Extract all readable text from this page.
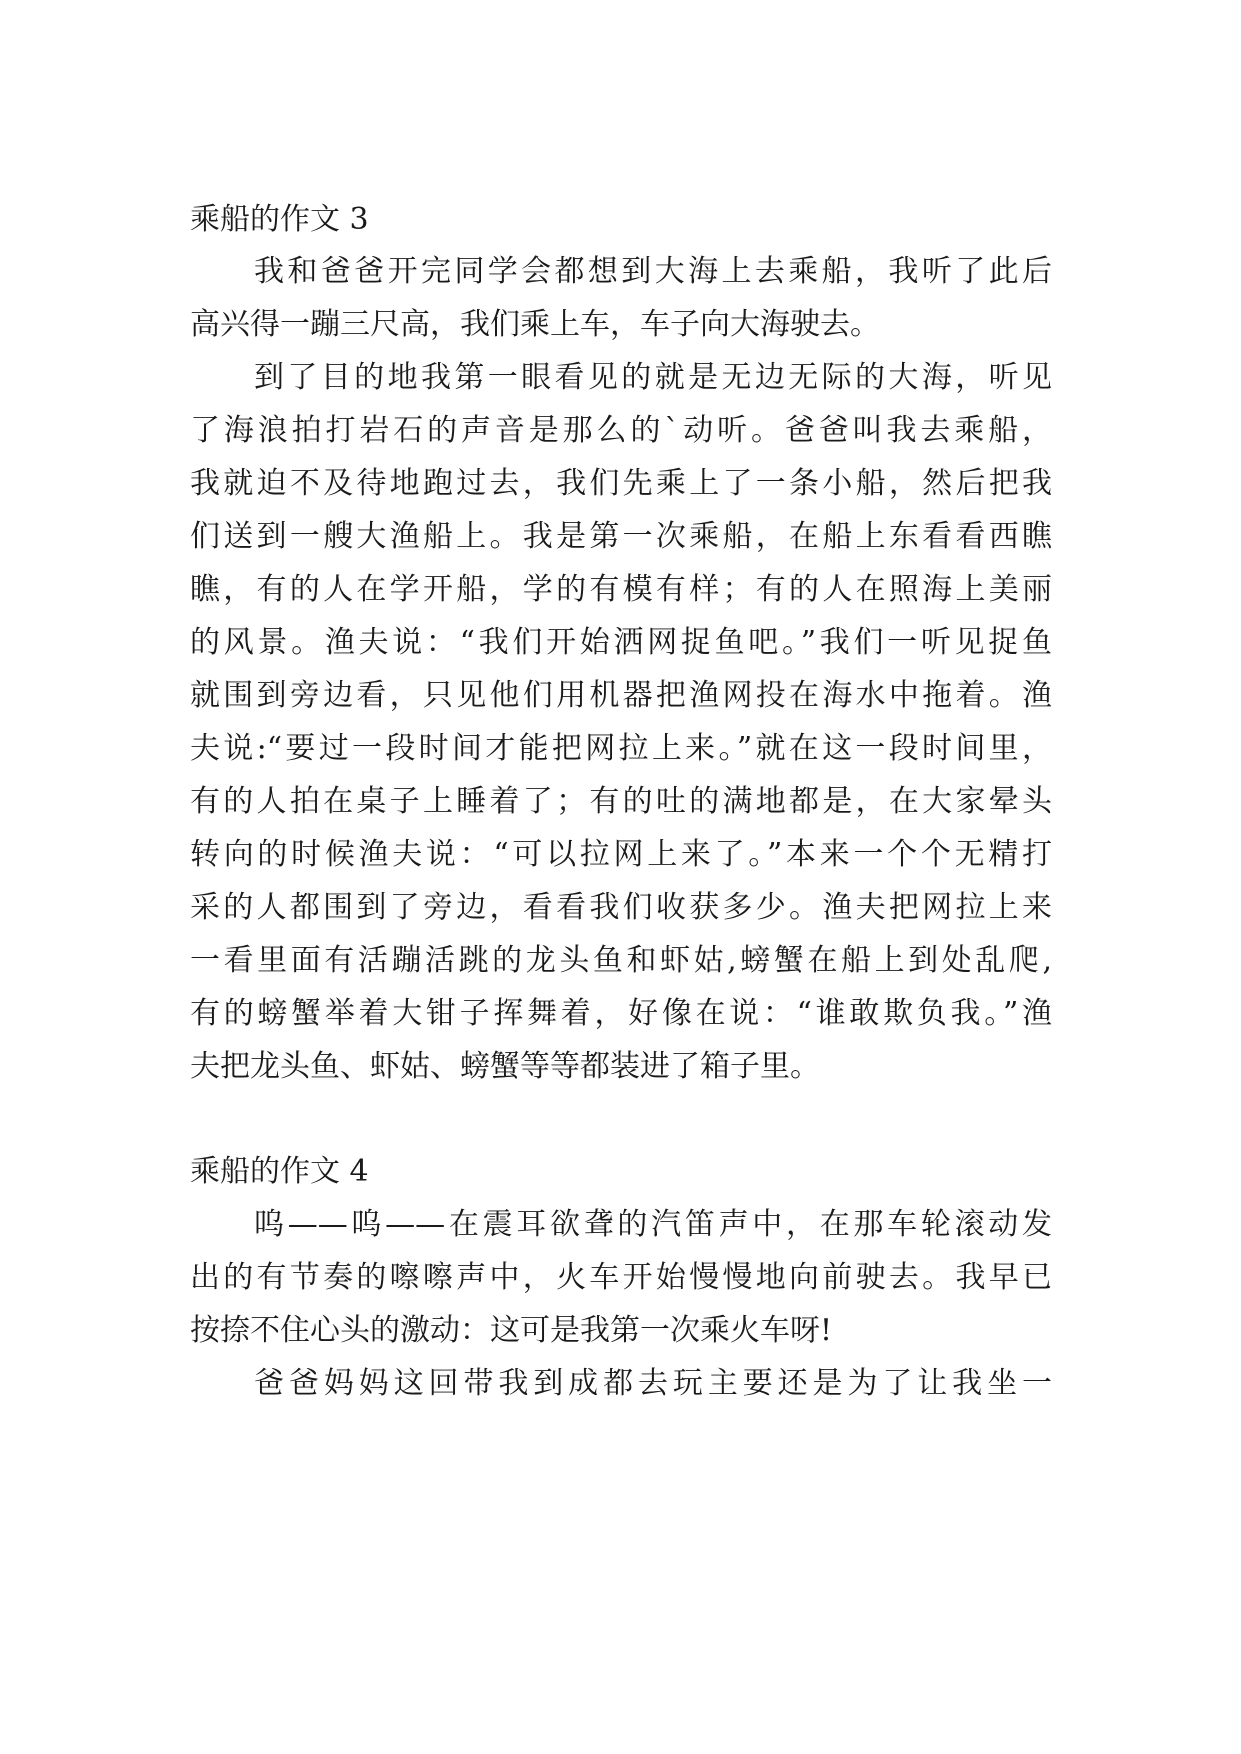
乘船的作文 3
我和爸爸开完同学会都想到大海上去乘船，我听了此后
高兴得一蹦三尺高，我们乘上车，车子向大海驶去。
到了目的地我第一眼看见的就是无边无际的大海，听见
了海浪拍打岩石的声音是那么的`动听。爸爸叫我去乘船，
我就迫不及待地跑过去，我们先乘上了一条小船，然后把我
们送到一艘大渔船上。我是第一次乘船，在船上东看看西瞧
瞧，有的人在学开船，学的有模有样；有的人在照海上美丽
的风景。渔夫说：“我们开始洒网捉鱼吧。”我们一听见捉鱼
就围到旁边看，只见他们用机器把渔网投在海水中拖着。渔
夫说:“要过一段时间才能把网拉上来。”就在这一段时间里，
有的人拍在桌子上睡着了；有的吐的满地都是，在大家晕头
转向的时候渔夫说：“可以拉网上来了。”本来一个个无精打
采的人都围到了旁边，看看我们收获多少。渔夫把网拉上来
一看里面有活蹦活跳的龙头鱼和虾姑,螃蟹在船上到处乱爬,
有的螃蟹举着大钳子挥舞着，好像在说：“谁敢欺负我。”渔
夫把龙头鱼、虾姑、螃蟹等等都装进了箱子里。
乘船的作文 4
呜——呜——在震耳欲聋的汽笛声中，在那车轮滚动发
出的有节奏的嚓嚓声中，火车开始慢慢地向前驶去。我早已
按捺不住心头的激动：这可是我第一次乘火车呀!
爸爸妈妈这回带我到成都去玩主要还是为了让我坐一
